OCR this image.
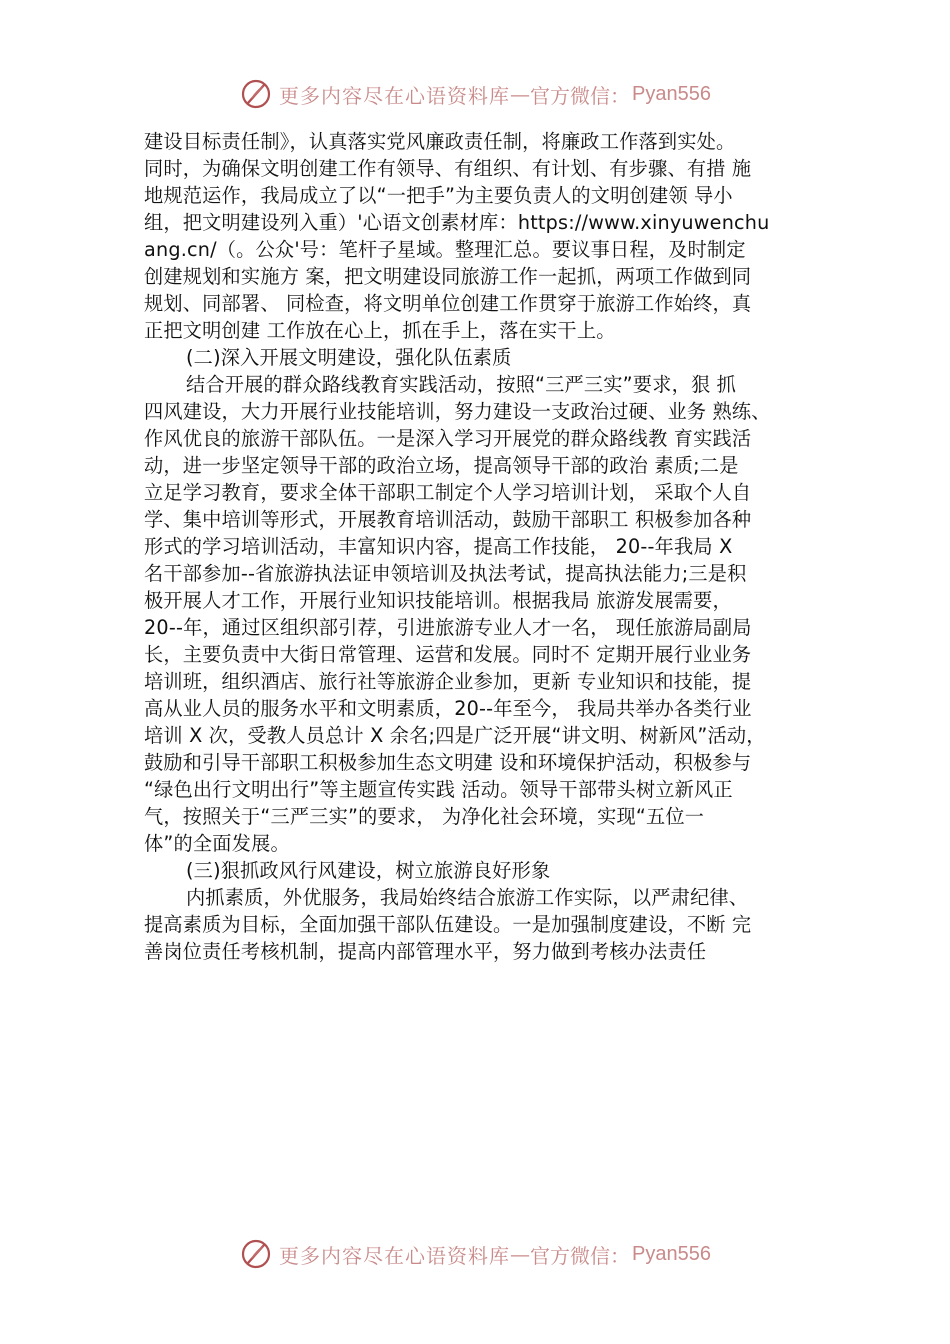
更多内容尽在心语资料库 — 官方微信： Pyan556
建设目标责任制》，认真落实党风廉政责任制，将廉政工作落到实处。
同时，为确保文明创建工作有领导、有组织、有计划、有步骤、有措 施
地规范运作，我局成立了以“一把手”为主要负责人的文明创建领 导小
组，把文明建设列入重）'心语文创素材库：https://www.xinyuwenchu
ang.cn/（。公众'号：笔杆子星域。整理汇总。要议事日程，及时制定
创建规划和实施方 案，把文明建设同旅游工作一起抓，两项工作做到同
规划、同部署、 同检查，将文明单位创建工作贯穿于旅游工作始终，真
正把文明创建 工作放在心上，抓在手上，落在实干上。
(二)深入开展文明建设，强化队伍素质
结合开展的群众路线教育实践活动，按照“三严三实”要求，狠 抓
四风建设，大力开展行业技能培训，努力建设一支政治过硬、业务 熟练、
作风优良的旅游干部队伍。一是深入学习开展党的群众路线教 育实践活
动，进一步坚定领导干部的政治立场，提高领导干部的政治 素质;二是
立足学习教育，要求全体干部职工制定个人学习培训计划， 采取个人自
学、集中培训等形式，开展教育培训活动，鼓励干部职工 积极参加各种
形式的学习培训活动，丰富知识内容，提高工作技能， 20--年我局 X
名干部参加--省旅游执法证申领培训及执法考试，提高执法能力;三是积
极开展人才工作，开展行业知识技能培训。根据我局 旅游发展需要，
20--年，通过区组织部引荐，引进旅游专业人才一名， 现任旅游局副局
长，主要负责中大街日常管理、运营和发展。同时不 定期开展行业业务
培训班，组织酒店、旅行社等旅游企业参加，更新 专业知识和技能，提
高从业人员的服务水平和文明素质，20--年至今， 我局共举办各类行业
培训 X 次，受教人员总计 X 余名;四是广泛开展“讲文明、树新风”活动，
鼓励和引导干部职工积极参加生态文明建 设和环境保护活动，积极参与
“绿色出行文明出行”等主题宣传实践 活动。领导干部带头树立新风正
气，按照关于“三严三实”的要求， 为净化社会环境，实现“五位一
体”的全面发展。
(三)狠抓政风行风建设，树立旅游良好形象
内抓素质，外优服务，我局始终结合旅游工作实际，以严肃纪律、
提高素质为目标，全面加强干部队伍建设。一是加强制度建设，不断 完
善岗位责任考核机制，提高内部管理水平，努力做到考核办法责任
更多内容尽在心语资料库 — 官方微信： Pyan556
